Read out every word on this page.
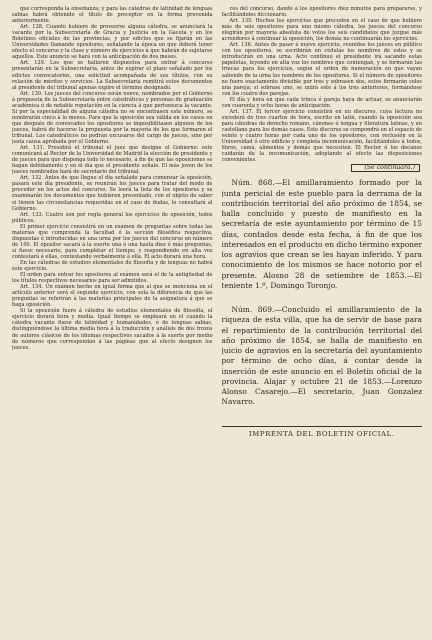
que corresponda la enseñanza; y para las cátedras de latinidad de lenguas sabias habrá obtenido el título de preceptor en la forma prevenida anteriormente.

Art. 128. Cuando hubiere de proveerse alguna cátedra, se anunciará la vacante por la Subsecretaría de Gracia y Justicia en la Gaceta y en los Boletines oficiales de las provincias, y por edictos que se fijarán en las Universidades llamando opositores, señalando la época en que deberá tener efecto el concurso y la clase y número de ejercicios á que habrán de sujetarse aquellos. Este anuncio se hará con la anticipación de dos meses.

Art. 129. Los que se hallaren dispuestos para entrar á concurso presentarán en la Subsecretaría, antes de expirar el plazo señalado por los edictos convocatorios, una solicitud acompañada de sus títulos, con su relación de méritos y servicios. La Subsecretaría remitirá estos documentos al presidente del tribunal apenas expire el término designado.

Art. 130. Los jueces del concurso serán nueve, nombrados por el Gobierno á propuesta de la Subsecretaría entre catedráticos y personas de graduación académica ó de notable reputación en la ciencia á que pertenezca la vacante. Si por la especialidad de alguna cátedra no se encontrasen este número, se nombrarán cinco á lo menos. Para que la oposición sea válida en los casos en que después de convocados los opositores se imposibilitasen algunos de los jueces, habrá de hacerse la propuesta por la mayoría de los que formaren el tribunal. Los catedráticos no podrán excusarse del cargo de jueces, sino por justa causa aprobada por el Gobierno.

Art. 131. Presidirá el tribunal el juez que designe el Gobierno: este comunicará al Rector de la Universidad de Madrid la elección de presidente y de jueces para que disponga todo lo necesario, á fin de que las oposiciones se hagan debidamente y en el día que el presidente señale. El más joven de los jueces nombrados hará de secretario del tribunal.

Art. 132. Antes de que llegue el día señalado para comenzar la oposición, pasará este día presidente, se reunirán los jueces para tratar del modo de proceder en los actos del concurso. Se leerá la lista de los opositores y se examinarán los documentos que hubieren presentado, con el objeto de saber si tienen las circunstancias requeridas en el caso de dudas, lo consultará al Gobierno.

Art. 133. Cuatro son por regla general los ejercicios de oposición, todos públicos.

El primer ejercicio consistirá en un exámen de preguntas sobre todas las materias que comprenda la facultad ó la sección filosófica respectiva, dispuestas é introducidas en una urna por los jueces del concurso en número de 100. El opositor sacará á la suerte una ó una hasta diez ó más preguntas, si fuese necesario, para completar el tiempo; y respondiendo en alta voz contestará á ellas, contestando verbalmente á ella. El acto durará una hora.

En las cátedras de estudios elementales de filosofía y de lenguas no habrá este ejercicio.

El orden para entrar los opositores al exámen será el de la antigüedad de los títulos respectivos necesarios para ser admitidos.

Art. 134. Un exámen hecho en igual forma que al que se menciona en el artículo anterior será el segundo ejercicio, con sola la diferencia de que las preguntas se referirán á las materias principales de la asignatura á que se haga oposición.

Si la oposición fuere á cátedra de estudios elementales de filosofía, el ejercicio durará hora y media. Igual tiempo se empleará en el cuando la cátedra vacante fuese de latinidad y humanidades, ó de lenguas sabias, distinguiéndose la última media hora á la traducción y análisis de dos trozos de autores clásicos de los idiomas respectivos sacados á la suerte por medio de números que correspondan á las páginas que al efecto designen los jueces.

ces del concurso, dando á los opositores diez minutos para prepararse, y facilitándoles diccionario.

Art. 135. Hechos los ejercicios que preceden en el caso de que hubiere más de seis opositores para uno mismo cátedra, los jueces del concurso elegirán por mayoría absoluta de votos los seis candidatos que juzgue más acreedores á continuar la oposición, los demás no continuarán los ejercicios.

Art. 136. Antes de pasar á nuevo ejercicio, reunidos los jueces en público con los opositores, se escribirán en cédulas los nombres de estos y se introducirán en una urna. Acto continuo el presidente irá sacando estas papeletas, leyendo en alta voz los nombres que contengan, y se formarán las trincas para los ejercicios, según el orden de numeración en que vayan saliendo de la urna los nombres de los opositores. Si el número de opositores no fuere exactamente divisible por tres y sobrasen dos, estos formarán solos una pareja; si sobrase uno, se unirá este á los tres anteriores, formándose con los cuatro dos parejas.

El día y hora en que cada trinca ó pareja haya de actuar, se anunciarán con cuarenta y ocho horas de anticipación.

Art. 137. El tercer ejercicio consistirá en un discurso, cuya lectura no excederá de tres cuartos de hora, escrito en latín, cuando la oposición sea para cátedras de derecho romano, cánones ó lengua y literatura latinas, y en castellano para los demás casos. Este discurso se compondrá en el espacio de veinte y cuatro horas por cada uno de los opositores, con reclusión en la Universidad ó otro edificio y completa incomunicación, facilitándoles á todos, libros, cama, alimentos y demás que necesiten. El Rector ó los decanos cuidarán de la incomunicación, adoptando al efecto las disposiciones convenientes.

(Se continuará.)

Núm. 868.—El amillaramiento formado por la junta pericial de este pueblo para la derrama de la contribución territorial del año próximo de 1854, se halla concluido y puesto de manifiesto en la secretaría de este ayuntamiento por término de 15 días, contados desde esta fecha, á fin de que los interesados en el producto en dicho término exponer los agravios que crean se les hayan inferido. Y para conocimiento de los mismos se hace notorio por el presente. Alosno 28 de setiembre de 1853.—El teniente 1.º, Domingo Toronjo.

Núm. 869.—Concluido el amillaramiento de la riqueza de esta villa, que ha de servir de base para el repartimiento de la contribución territorial del año próximo de 1854, se halla de manifiesto en juicio de agravios en la secretaría del ayuntamiento por término de ocho días, á contar desde la inserción de este anuncio en el Boletín oficial de la provincia. Alajar y octubre 21 de 1853.—Lorenzo Alonso Casarejo.—El secretario, Juan Gonzalez Navarro.

IMPRENTA DEL BOLETIN OFICIAL.
